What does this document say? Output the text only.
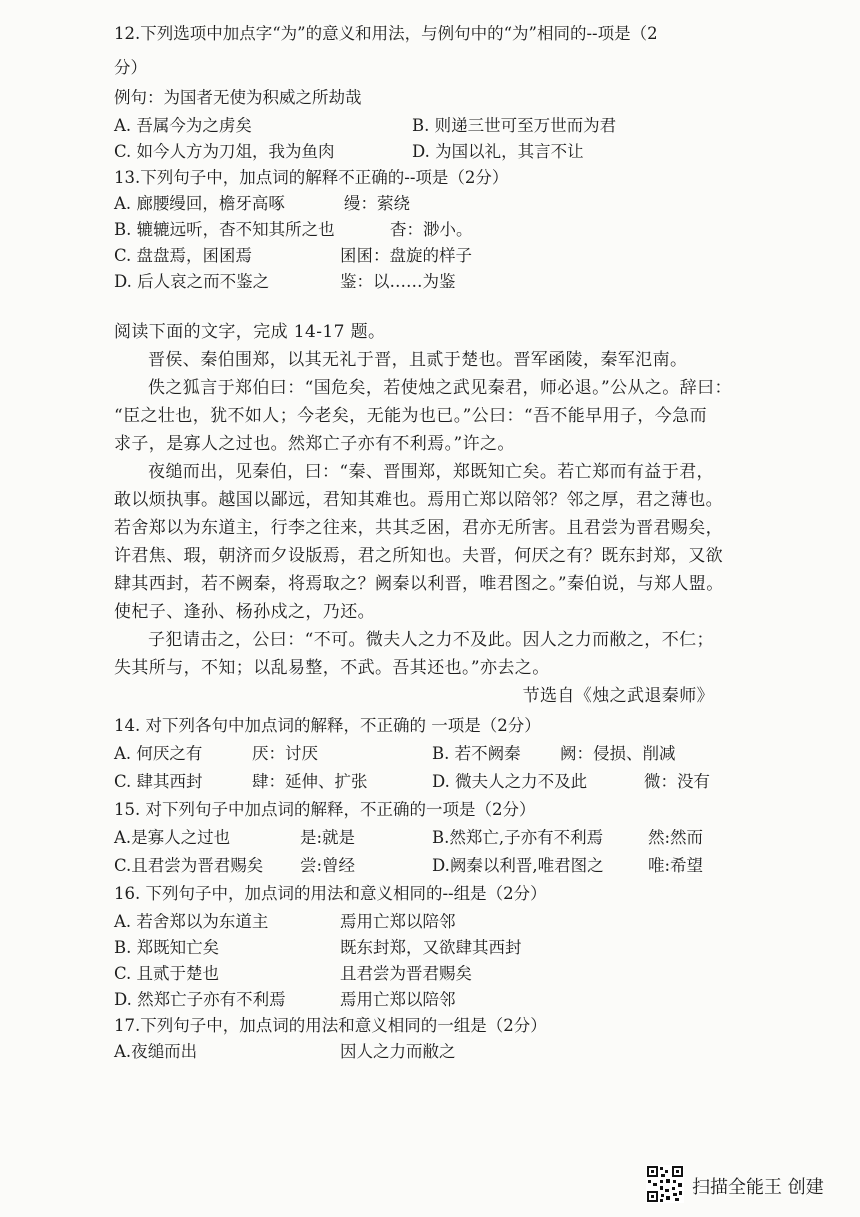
12.下列选项中加点字“为”的意义和用法，与例句中的“为”相同的--项是（2
分）
例句：为国者无使为积威之所劫哉
A. 吾属今为之虏矣	B. 则递三世可至万世而为君
C. 如今人方为刀俎，我为鱼肉	D. 为国以礼，其言不让
13.下列句子中，加点词的解释不正确的--项是（2分）
A. 廊腰缦回，檐牙高啄	缦：萦绕
B. 辘辘远听，杳不知其所之也	杳：渺小。
C. 盘盘焉，囷囷焉	囷囷：盘旋的样子
D. 后人哀之而不鉴之	鉴：以……为鉴
阅读下面的文字，完成 14-17 题。
晋侯、秦伯围郑，以其无礼于晋，且贰于楚也。晋军函陵，秦军氾南。
佚之狐言于郑伯曰：“国危矣，若使烛之武见秦君，师必退。”公从之。辞曰：
“臣之壮也，犹不如人；今老矣，无能为也已。”公曰：“吾不能早用子，今急而
求子，是寡人之过也。然郑亡子亦有不利焉。”许之。
夜缒而出，见秦伯，曰：“秦、晋围郑，郑既知亡矣。若亡郑而有益于君，
敢以烦执事。越国以鄙远，君知其难也。焉用亡郑以陪邻？邻之厚，君之薄也。
若舍郑以为东道主，行李之往来，共其乏困，君亦无所害。且君尝为晋君赐矣，
许君焦、瑕，朝济而夕设版焉，君之所知也。夫晋，何厌之有？既东封郑，又欲
肆其西封，若不阙秦，将焉取之？阙秦以利晋，唯君图之。”秦伯说，与郑人盟。
使杞子、逢孙、杨孙戍之，乃还。
子犯请击之，公曰：“不可。微夫人之力不及此。因人之力而敝之，不仁；
失其所与，不知；以乱易整，不武。吾其还也。”亦去之。
节选自《烛之武退秦师》
14. 对下列各句中加点词的解释，不正确的 一项是（2分）
A. 何厌之有	厌：讨厌	B. 若不阙秦 阙：侵损、削减
C. 肆其西封	肆：延伸、扩张	D. 微夫人之力不及此	微：没有
15. 对下列句子中加点词的解释，不正确的一项是（2分）
A.是寡人之过也	是:就是	B.然郑亡,子亦有不利焉	然:然而
C.且君尝为晋君赐矣 尝:曾经	D.阙秦以利晋,唯君图之	唯:希望
16. 下列句子中，加点词的用法和意义相同的--组是（2分）
A. 若舍郑以为东道主	焉用亡郑以陪邻
B. 郑既知亡矣	既东封郑，又欲肆其西封
C. 且贰于楚也	且君尝为晋君赐矣
D. 然郑亡子亦有不利焉	焉用亡郑以陪邻
17.下列句子中，加点词的用法和意义相同的一组是（2分）
A.夜缒而出	因人之力而敝之
扫描全能王 创建
